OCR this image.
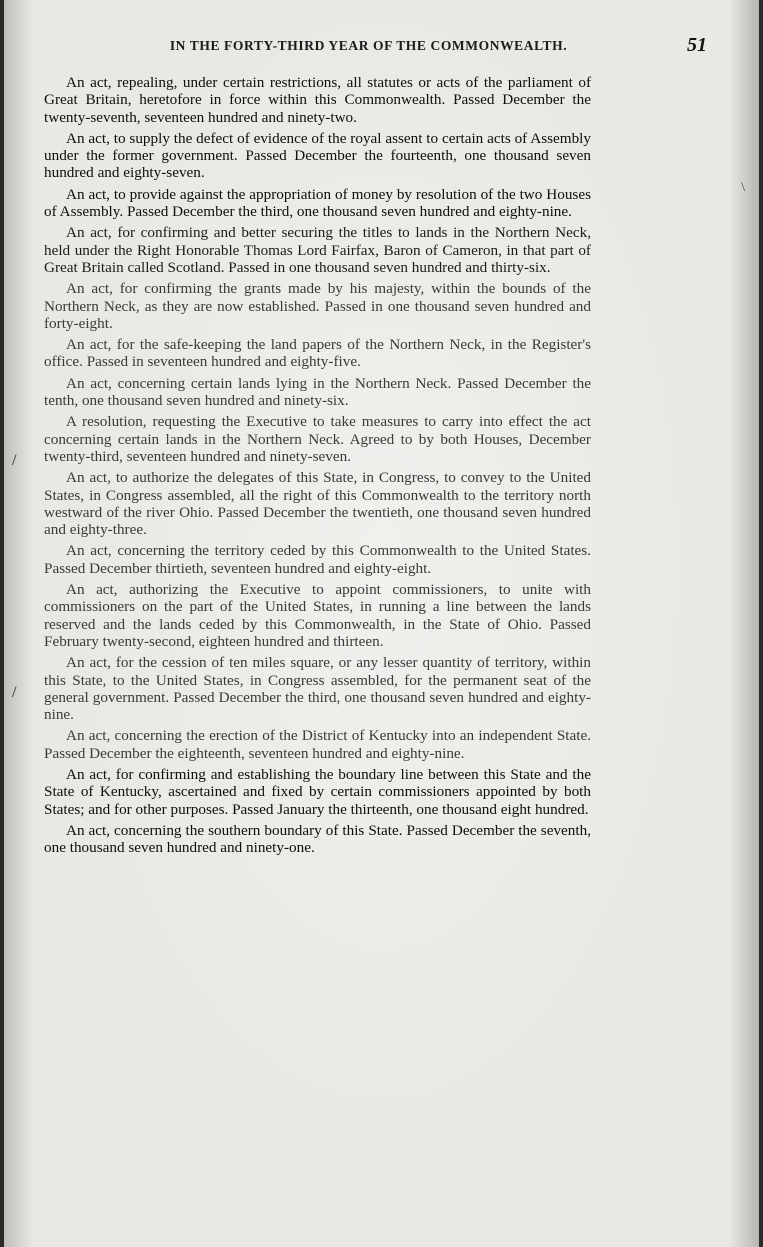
IN THE FORTY-THIRD YEAR OF THE COMMONWEALTH.	51
/
/
\

An act, repealing, under certain restrictions, all statutes or acts of the parliament of Great Britain, heretofore in force within this Commonwealth. Passed December the twenty-seventh, seventeen hundred and ninety-two.

An act, to supply the defect of evidence of the royal assent to certain acts of Assembly under the former government. Passed December the fourteenth, one thousand seven hundred and eighty-seven.

An act, to provide against the appropriation of money by resolution of the two Houses of Assembly. Passed December the third, one thousand seven hundred and eighty-nine.

An act, for confirming and better securing the titles to lands in the Northern Neck, held under the Right Honorable Thomas Lord Fairfax, Baron of Cameron, in that part of Great Britain called Scotland. Passed in one thousand seven hundred and thirty-six.

An act, for confirming the grants made by his majesty, within the bounds of the Northern Neck, as they are now established. Passed in one thousand seven hundred and forty-eight.

An act, for the safe-keeping the land papers of the Northern Neck, in the Register's office. Passed in seventeen hundred and eighty-five.

An act, concerning certain lands lying in the Northern Neck. Passed December the tenth, one thousand seven hundred and ninety-six.

A resolution, requesting the Executive to take measures to carry into effect the act concerning certain lands in the Northern Neck. Agreed to by both Houses, December twenty-third, seventeen hundred and ninety-seven.

An act, to authorize the delegates of this State, in Congress, to convey to the United States, in Congress assembled, all the right of this Commonwealth to the territory north westward of the river Ohio. Passed December the twentieth, one thousand seven hundred and eighty-three.

An act, concerning the territory ceded by this Commonwealth to the United States. Passed December thirtieth, seventeen hundred and eighty-eight.

An act, authorizing the Executive to appoint commissioners, to unite with commissioners on the part of the United States, in running a line between the lands reserved and the lands ceded by this Commonwealth, in the State of Ohio. Passed February twenty-second, eighteen hundred and thirteen.

An act, for the cession of ten miles square, or any lesser quantity of territory, within this State, to the United States, in Congress assembled, for the permanent seat of the general government. Passed December the third, one thousand seven hundred and eighty-nine.

An act, concerning the erection of the District of Kentucky into an independent State. Passed December the eighteenth, seventeen hundred and eighty-nine.

An act, for confirming and establishing the boundary line between this State and the State of Kentucky, ascertained and fixed by certain commissioners appointed by both States; and for other purposes. Passed January the thirteenth, one thousand eight hundred.

An act, concerning the southern boundary of this State. Passed December the seventh, one thousand seven hundred and ninety-one.
